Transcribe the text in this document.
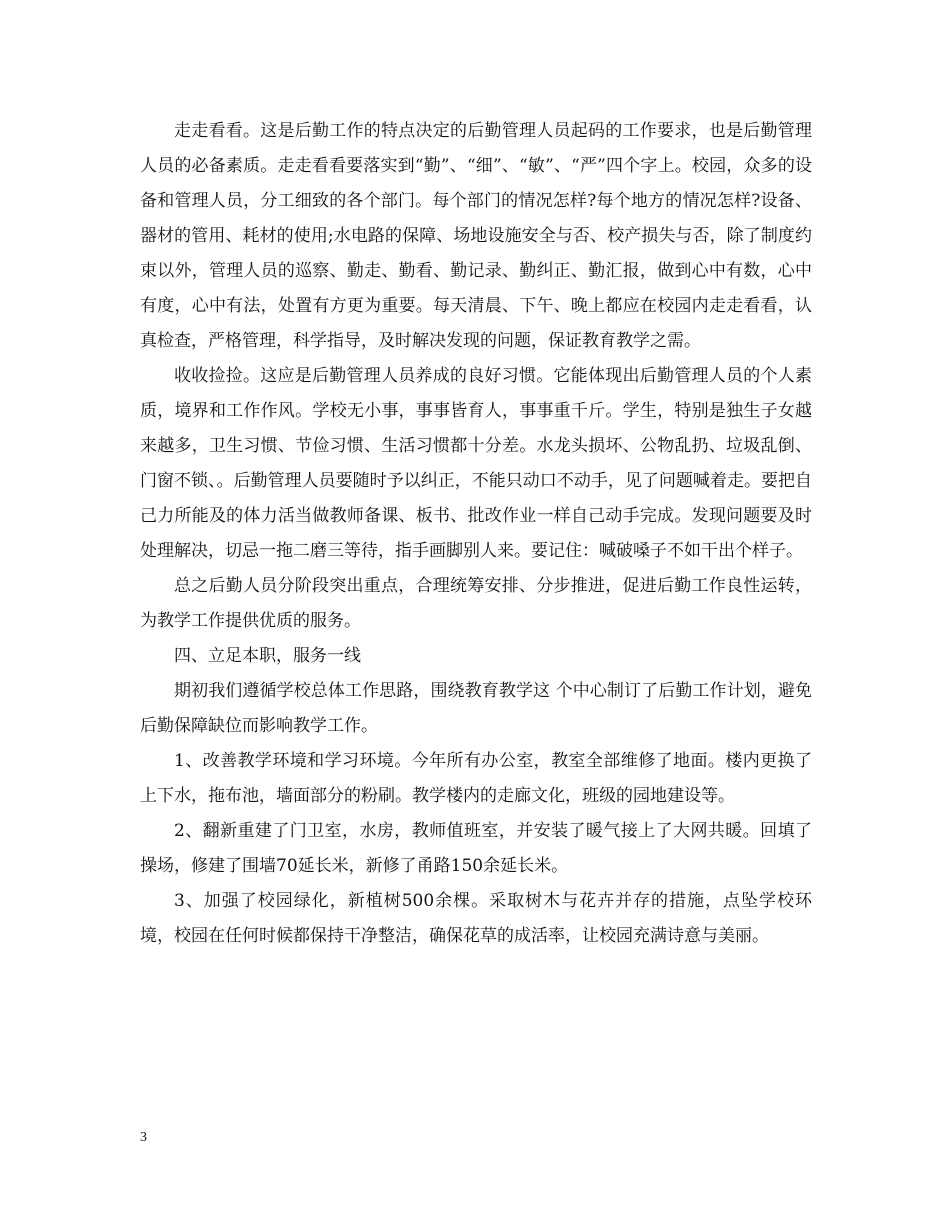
走走看看。这是后勤工作的特点决定的后勤管理人员起码的工作要求，也是后勤管理人员的必备素质。走走看看要落实到“勤”、“细”、“敏”、“严”四个字上。校园，众多的设备和管理人员，分工细致的各个部门。每个部门的情况怎样?每个地方的情况怎样?设备、器材的管用、耗材的使用;水电路的保障、场地设施安全与否、校产损失与否，除了制度约束以外，管理人员的巡察、勤走、勤看、勤记录、勤纠正、勤汇报，做到心中有数，心中有度，心中有法，处置有方更为重要。每天清晨、下午、晚上都应在校园内走走看看，认真检查，严格管理，科学指导，及时解决发现的问题，保证教育教学之需。

收收捡捡。这应是后勤管理人员养成的良好习惯。它能体现出后勤管理人员的个人素质，境界和工作作风。学校无小事，事事皆育人，事事重千斤。学生，特别是独生子女越来越多，卫生习惯、节俭习惯、生活习惯都十分差。水龙头损坏、公物乱扔、垃圾乱倒、门窗不锁、。后勤管理人员要随时予以纠正，不能只动口不动手，见了问题喊着走。要把自己力所能及的体力活当做教师备课、板书、批改作业一样自己动手完成。发现问题要及时处理解决，切忌一拖二磨三等待，指手画脚别人来。要记住：喊破嗓子不如干出个样子。

总之后勤人员分阶段突出重点，合理统筹安排、分步推进，促进后勤工作良性运转，为教学工作提供优质的服务。

四、立足本职，服务一线

期初我们遵循学校总体工作思路，围绕教育教学这 个中心制订了后勤工作计划，避免后勤保障缺位而影响教学工作。

1、改善教学环境和学习环境。今年所有办公室，教室全部维修了地面。楼内更换了上下水，拖布池，墙面部分的粉刷。教学楼内的走廊文化，班级的园地建设等。

2、翻新重建了门卫室，水房，教师值班室，并安装了暖气接上了大网共暖。回填了操场，修建了围墙70延长米，新修了甬路150余延长米。

3、加强了校园绿化，新植树500余棵。采取树木与花卉并存的措施，点坠学校环境，校园在任何时候都保持干净整洁，确保花草的成活率，让校园充满诗意与美丽。

3
